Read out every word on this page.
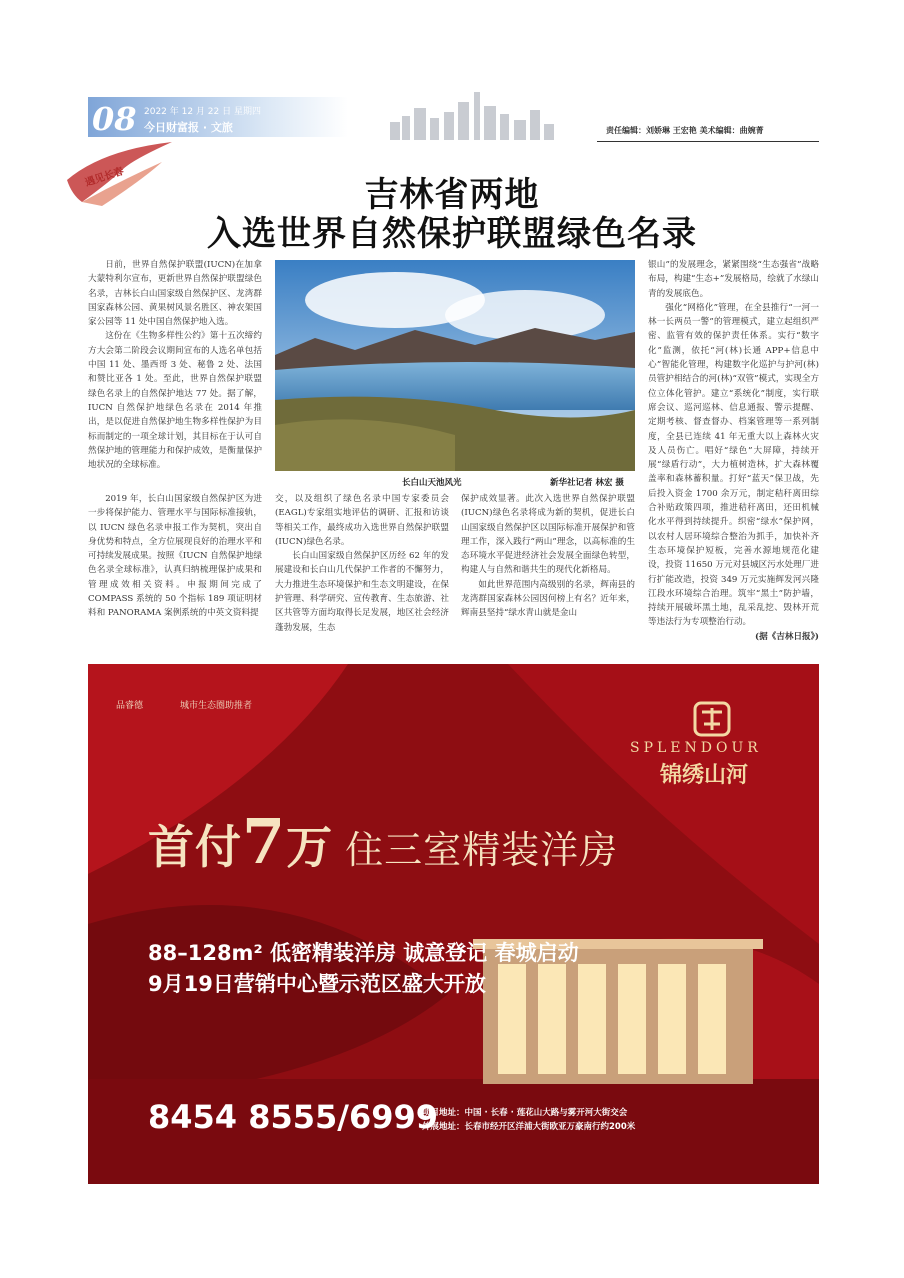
08 2022 年 12 月 22 日 星期四
今日财富报 · 文旅	责任编辑：刘娇琳 王宏艳 美术编辑：曲婉菁
遇见长春	吉林省两地
入选世界自然保护联盟绿色名录

日前，世界自然保护联盟(IUCN)在加拿大蒙特利尔宣布，更新世界自然保护联盟绿色名录，吉林长白山国家级自然保护区、龙湾群国家森林公园、黄果树风景名胜区、神农架国家公园等 11 处中国自然保护地入选。

这份在《生物多样性公约》第十五次缔约方大会第二阶段会议期间宣布的人选名单包括中国 11 处、墨西哥 3 处、秘鲁 2 处、法国和赞比亚各 1 处。至此，世界自然保护联盟绿色名录上的自然保护地达 77 处。据了解，IUCN 自然保护地绿色名录在 2014 年推出，是以促进自然保护地生物多样性保护为目标而制定的一项全球计划，其目标在于认可自然保护地的管理能力和保护成效，是衡量保护地状况的全球标准。

长白山天池风光	新华社记者 林宏 摄

2019 年，长白山国家级自然保护区为进一步将保护能力、管理水平与国际标准接轨，以 IUCN 绿色名录申报工作为契机，突出自身优势和特点，全方位展现良好的治理水平和可持续发展成果。按照《IUCN 自然保护地绿色名录全球标准》，认真归纳梳理保护成果和管理成效相关资料。申报期间完成了 COMPASS 系统的 50 个指标 189 项证明材料和 PANORAMA 案例系统的中英文资料提

交，以及组织了绿色名录中国专家委员会(EAGL)专家组实地评估的调研、汇报和访谈等相关工作，最终成功入选世界自然保护联盟(IUCN)绿色名录。

长白山国家级自然保护区历经 62 年的发展建设和长白山几代保护工作者的不懈努力，大力推进生态环境保护和生态文明建设，在保护管理、科学研究、宣传教育、生态旅游、社区共管等方面均取得长足发展，地区社会经济蓬勃发展，生态

保护成效显著。此次入选世界自然保护联盟(IUCN)绿色名录将成为新的契机，促进长白山国家级自然保护区以国际标准开展保护和管理工作，深入践行“两山”理念，以高标准的生态环境水平促进经济社会发展全面绿色转型，构建人与自然和谐共生的现代化新格局。

如此世界范围内高级别的名录，辉南县的龙湾群国家森林公园因何榜上有名？近年来，辉南县坚持“绿水青山就是金山

银山”的发展理念，紧紧围绕“生态强省”战略布局，构建“生态+”发展格局，绘就了水绿山青的发展底色。

强化“网格化”管理，在全县推行“一河一林一长两员一警”的管理模式，建立起组织严密、监管有效的保护责任体系。实行“数字化”监测，依托“河(林)长通 APP+信息中心”智能化管理，构建数字化巡护与护河(林)员管护相结合的河(林)“双管”模式，实现全方位立体化管护。建立“系统化”制度，实行联席会议、巡河巡林、信息通报、警示提醒、定期考核、督查督办、档案管理等一系列制度，全县已连续 41 年无重大以上森林火灾及人员伤亡。唱好“绿色”大屏障，持续开展“绿盾行动”，大力植树造林，扩大森林覆盖率和森林蓄积量。打好“蓝天”保卫战，先后投入资金 1700 余万元，制定秸秆离田综合补贴政策四项，推进秸秆离田，还田机械化水平得到持续提升。织密“绿水”保护网，以农村人居环境综合整治为抓手，加快补齐生态环境保护短板，完善水源地规范化建设，投资 11650 万元对县城区污水处理厂进行扩能改造，投资 349 万元实施辉发河兴隆江段水环境综合治理。筑牢“黑土”防护墙，持续开展破坏黑土地，乱采乱挖、毁林开荒等违法行为专项整治行动。

(据《吉林日报》)

品睿德	城市生态圈助推者
SPLENDOUR
锦绣山河
首付7万 住三室精装洋房
88–128m² 低密精装洋房 诚意登记 春城启动
9月19日营销中心暨示范区盛大开放
8454 8555/6999
项目地址：中国 · 长春 · 莲花山大路与雾开河大街交会
外展地址：长春市经开区洋浦大街欧亚万豪南行约200米
